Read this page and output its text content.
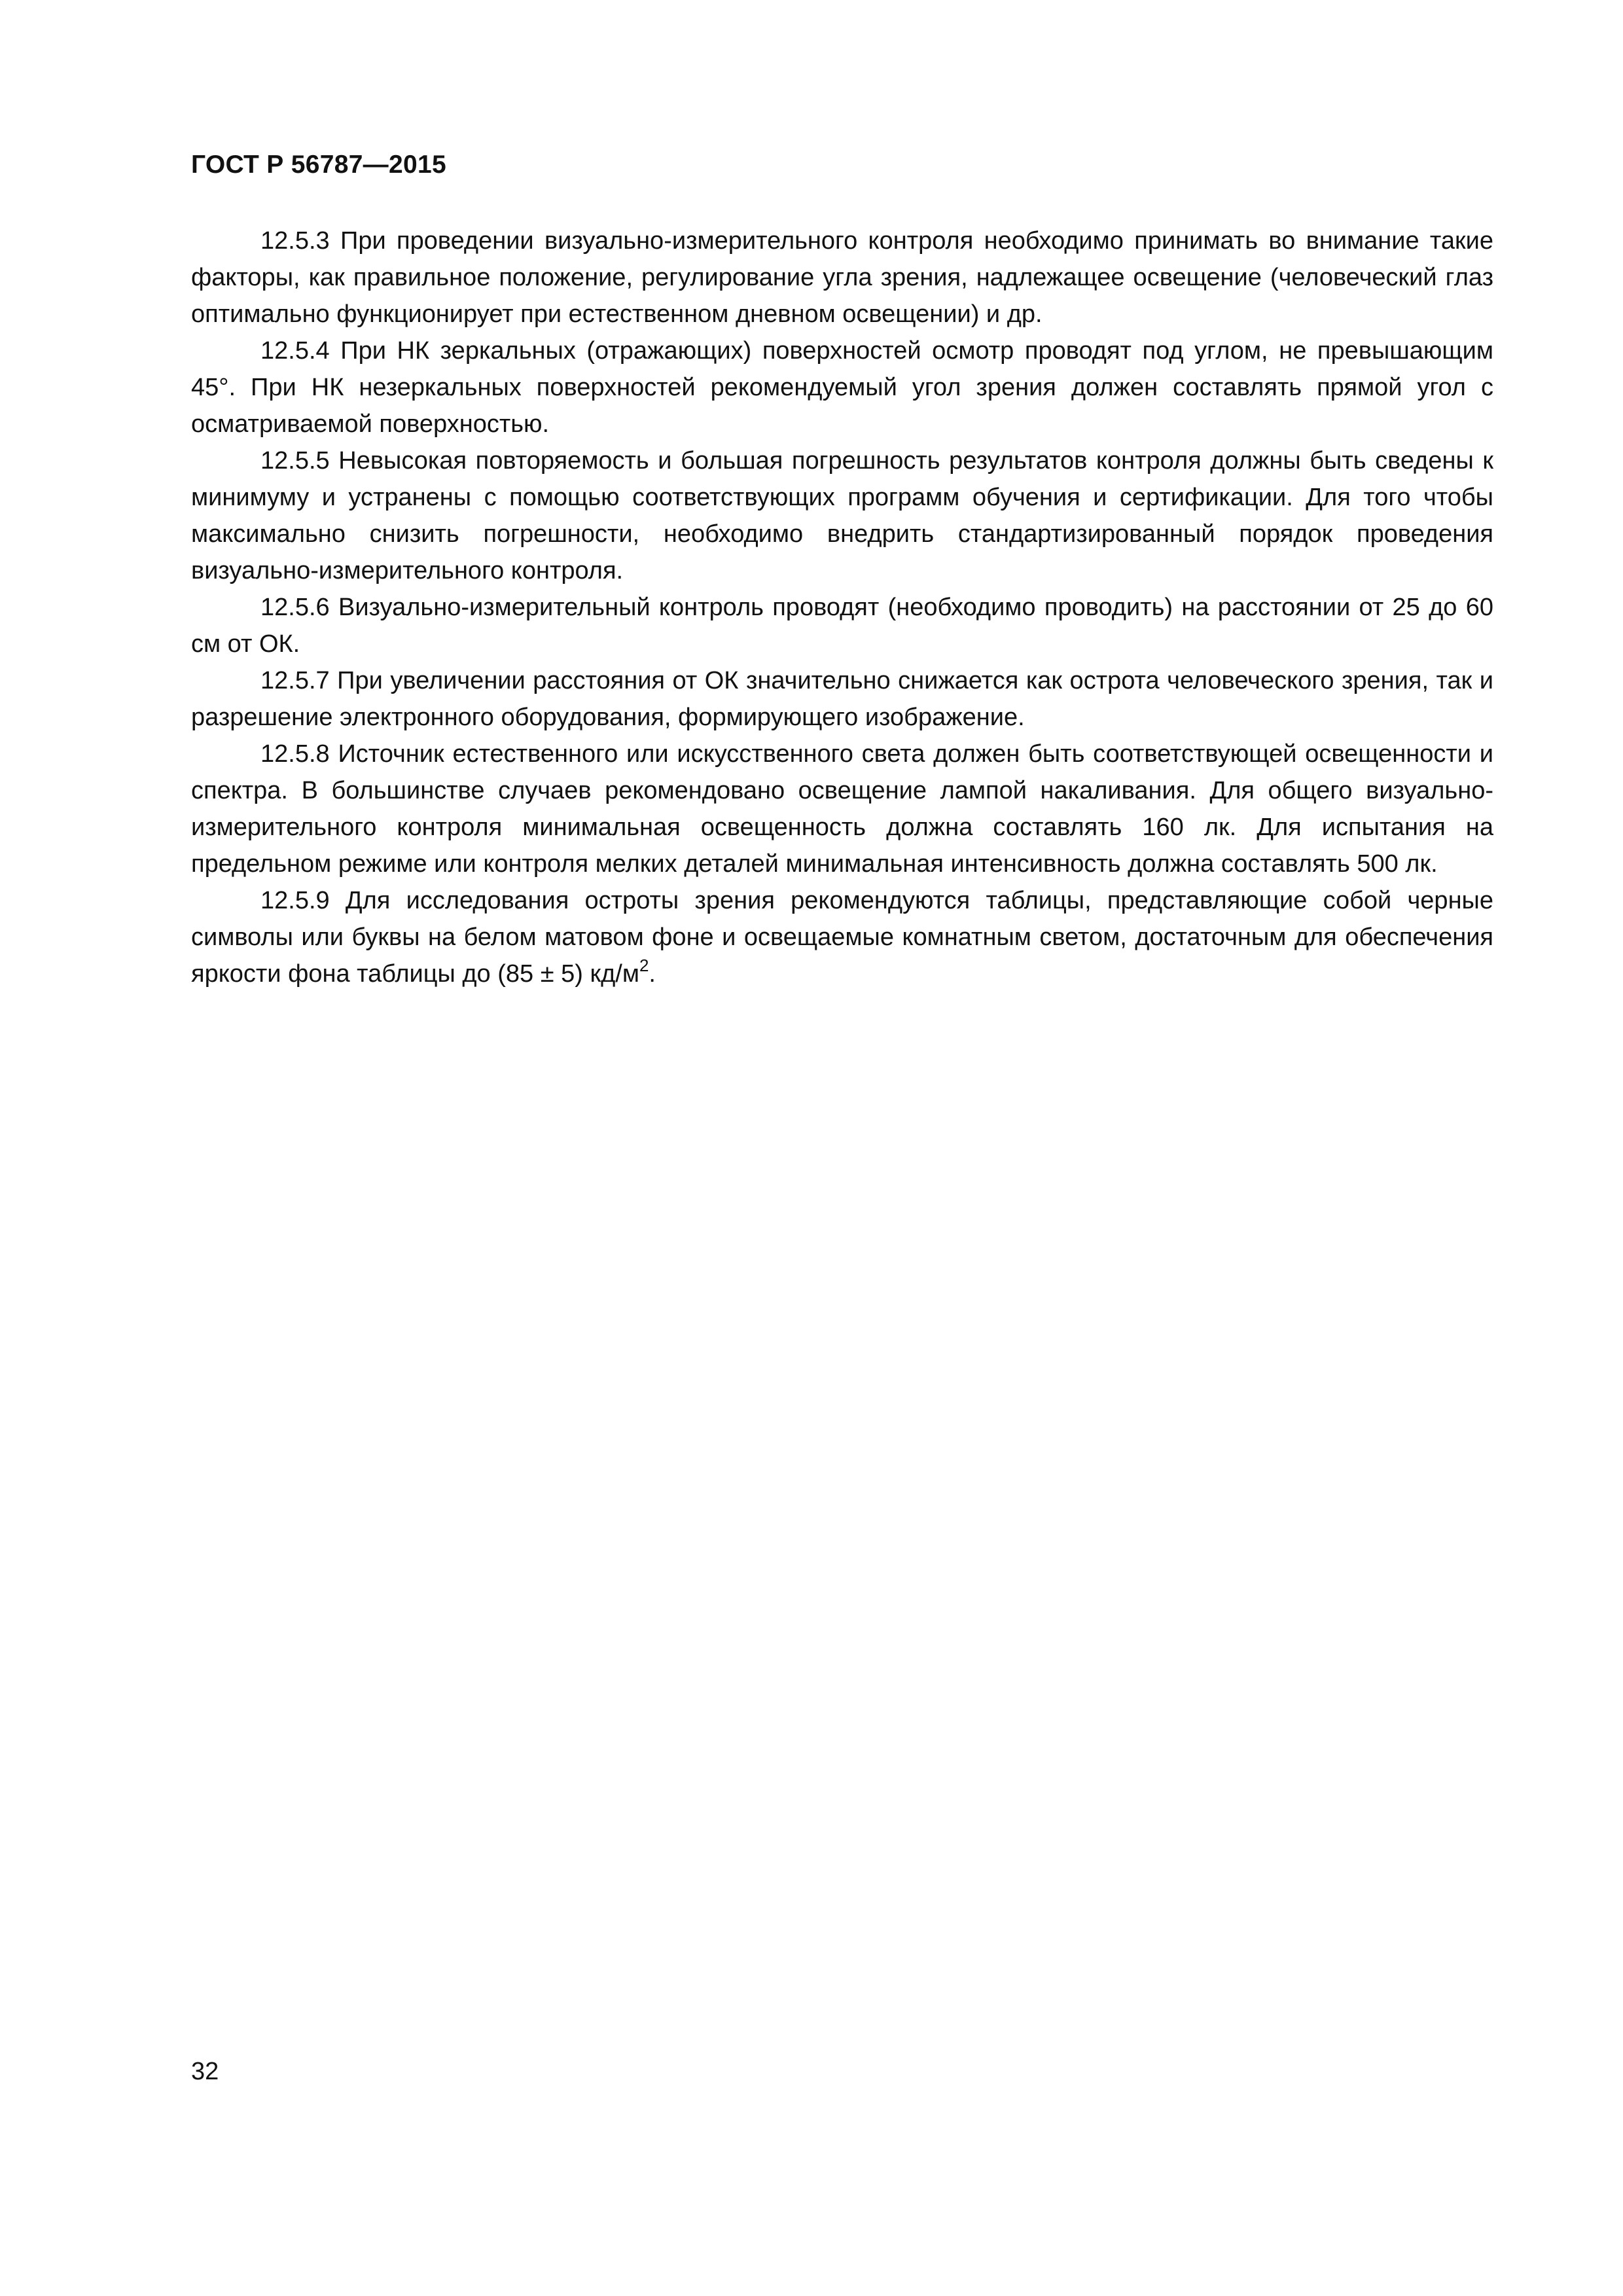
ГОСТ Р 56787—2015

12.5.3 При проведении визуально-измерительного контроля необходимо принимать во внимание такие факторы, как правильное положение, регулирование угла зрения, надлежащее освещение (человеческий глаз оптимально функционирует при естественном дневном освещении) и др.

12.5.4 При НК зеркальных (отражающих) поверхностей осмотр проводят под углом, не превышающим 45°. При НК незеркальных поверхностей рекомендуемый угол зрения должен составлять прямой угол с осматриваемой поверхностью.

12.5.5 Невысокая повторяемость и большая погрешность результатов контроля должны быть сведены к минимуму и устранены с помощью соответствующих программ обучения и сертификации. Для того чтобы максимально снизить погрешности, необходимо внедрить стандартизированный порядок проведения визуально-измерительного контроля.

12.5.6 Визуально-измерительный контроль проводят (необходимо проводить) на расстоянии от 25 до 60 см от ОК.

12.5.7 При увеличении расстояния от ОК значительно снижается как острота человеческого зрения, так и разрешение электронного оборудования, формирующего изображение.

12.5.8 Источник естественного или искусственного света должен быть соответствующей освещенности и спектра. В большинстве случаев рекомендовано освещение лампой накаливания. Для общего визуально-измерительного контроля минимальная освещенность должна составлять 160 лк. Для испытания на предельном режиме или контроля мелких деталей минимальная интенсивность должна составлять 500 лк.

12.5.9 Для исследования остроты зрения рекомендуются таблицы, представляющие собой черные символы или буквы на белом матовом фоне и освещаемые комнатным светом, достаточным для обеспечения яркости фона таблицы до (85 ± 5) $кд/м^2$.

32
